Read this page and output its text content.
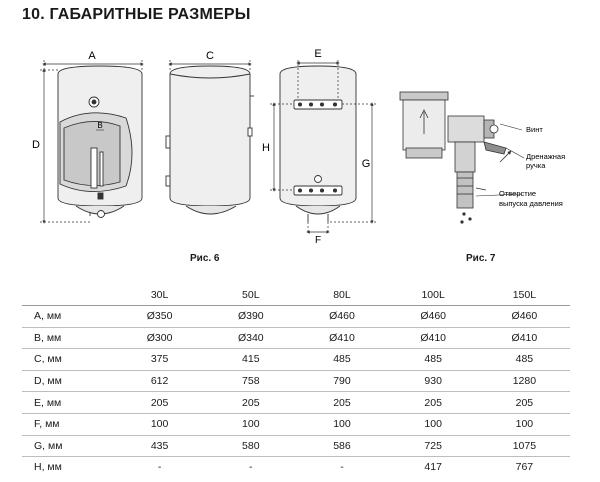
10. ГАБАРИТНЫЕ РАЗМЕРЫ
A
D
B
C	E
H
G
F
Винт
Дренажная
ручка
Отверстие
выпуска давления
Рис. 6	Рис. 7
	30L	50L	80L	100L	150L
A, мм	Ø350	Ø390	Ø460	Ø460	Ø460
B, мм	Ø300	Ø340	Ø410	Ø410	Ø410
C, мм	375	415	485	485	485
D, мм	612	758	790	930	1280
E, мм	205	205	205	205	205
F, мм	100	100	100	100	100
G, мм	435	580	586	725	1075
H, мм	-	-	-	417	767
